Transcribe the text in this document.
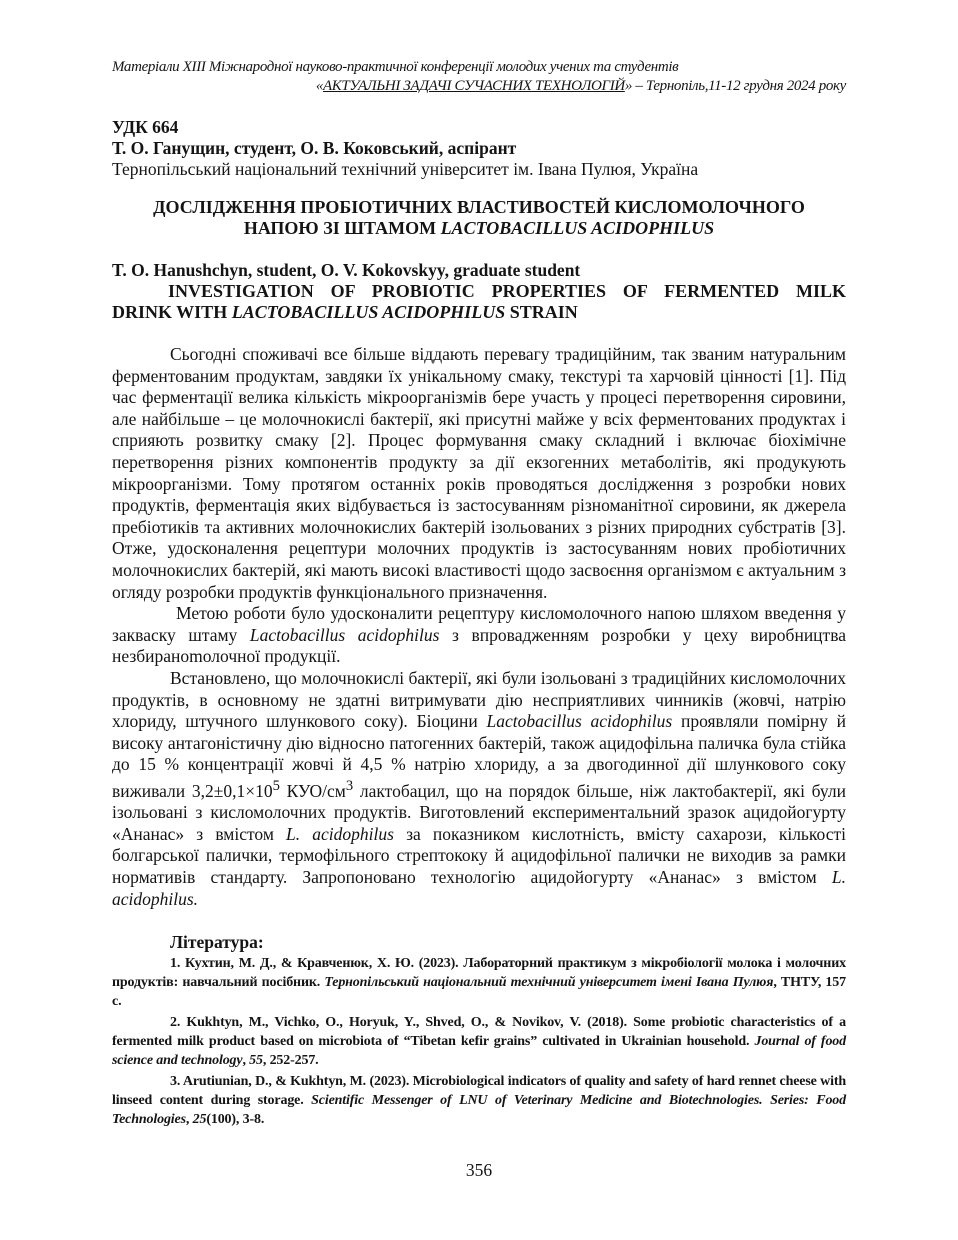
Матеріали XIII Міжнародної науково-практичної конференції молодих учених та студентів
«АКТУАЛЬНІ ЗАДАЧІ СУЧАСНИХ ТЕХНОЛОГІЙ» – Тернопіль,11-12 грудня 2024 року
УДК 664
Т. О. Ганущин, студент, О. В. Коковський, аспірант
Тернопільський національний технічний університет ім. Івана Пулюя, Україна
ДОСЛІДЖЕННЯ ПРОБІОТИЧНИХ ВЛАСТИВОСТЕЙ КИСЛОМОЛОЧНОГО
НАПОЮ ЗІ ШТАМОМ LACTOBACILLUS ACIDOPHILUS
T. O. Hanushchyn, student, O. V. Kokovskyy, graduate student
INVESTIGATION OF PROBIOTIC PROPERTIES OF FERMENTED MILK
DRINK WITH LACTOBACILLUS ACIDOPHILUS STRAIN

Сьогодні споживачі все більше віддають перевагу традиційним, так званим натуральним ферментованим продуктам, завдяки їх унікальному смаку, текстурі та харчовій цінності [1]. Під час ферментації велика кількість мікроорганізмів бере участь у процесі перетворення сировини, але найбільше – це молочнокислі бактерії, які присутні майже у всіх ферментованих продуктах і сприяють розвитку смаку [2]. Процес формування смаку складний і включає біохімічне перетворення різних компонентів продукту за дії екзогенних метаболітів, які продукують мікроорганізми. Тому протягом останніх років проводяться дослідження з розробки нових продуктів, ферментація яких відбувається із застосуванням різноманітної сировини, як джерела пребіотиків та активних молочнокислих бактерій ізольованих з різних природних субстратів [3]. Отже, удосконалення рецептури молочних продуктів із застосуванням нових пробіотичних молочнокислих бактерій, які мають високі властивості щодо засвоєння організмом є актуальним з огляду розробки продуктів функціонального призначення.

Метою роботи було удосконалити рецептуру кисломолочного напою шляхом введення у закваску штаму Lactobacillus acidophilus з впровадженням розробки у цеху виробництва незбиранomолочної продукції.

Встановлено, що молочнокислі бактерії, які були ізольовані з традиційних кисломолочних продуктів, в основному не здатні витримувати дію несприятливих чинників (жовчі, натрію хлориду, штучного шлункового соку). Біоцини Lactobacillus acidophilus проявляли помірну й високу антагоністичну дію відносно патогенних бактерій, також ацидофільна паличка була стійка до 15 % концентрації жовчі й 4,5 % натрію хлориду, а за двогодинної дії шлункового соку виживали $3,2\pm 0,1\times 10^5$ КУО/$см^3$ лактобацил, що на порядок більше, ніж лактобактерії, які були ізольовані з кисломолочних продуктів. Виготовлений експериментальний зразок ацидойогурту «Ананас» з вмістом L. acidophilus за показником кислотність, вмісту сахарози, кількості болгарської палички, термофільного стрептококу й ацидофільної палички не виходив за рамки нормативів стандарту. Запропоновано технологію ацидойогурту «Ананас» з вмістом L. acidophilus.

Література:

1. Кухтин, М. Д., & Кравченюк, Х. Ю. (2023). Лабораторний практикум з мікробіології молока і молочних продуктів: навчальний посібник. Тернопільський національний технічний університет імені Івана Пулюя, ТНТУ, 157 с.

2. Kukhtyn, M., Vichko, O., Horyuk, Y., Shved, O., & Novikov, V. (2018). Some probiotic characteristics of a fermented milk product based on microbiota of “Tibetan kefir grains” cultivated in Ukrainian household. Journal of food science and technology, 55, 252-257.

3. Arutiunian, D., & Kukhtyn, M. (2023). Microbiological indicators of quality and safety of hard rennet cheese with linseed content during storage. Scientific Messenger of LNU of Veterinary Medicine and Biotechnologies. Series: Food Technologies, 25(100), 3-8.

356
